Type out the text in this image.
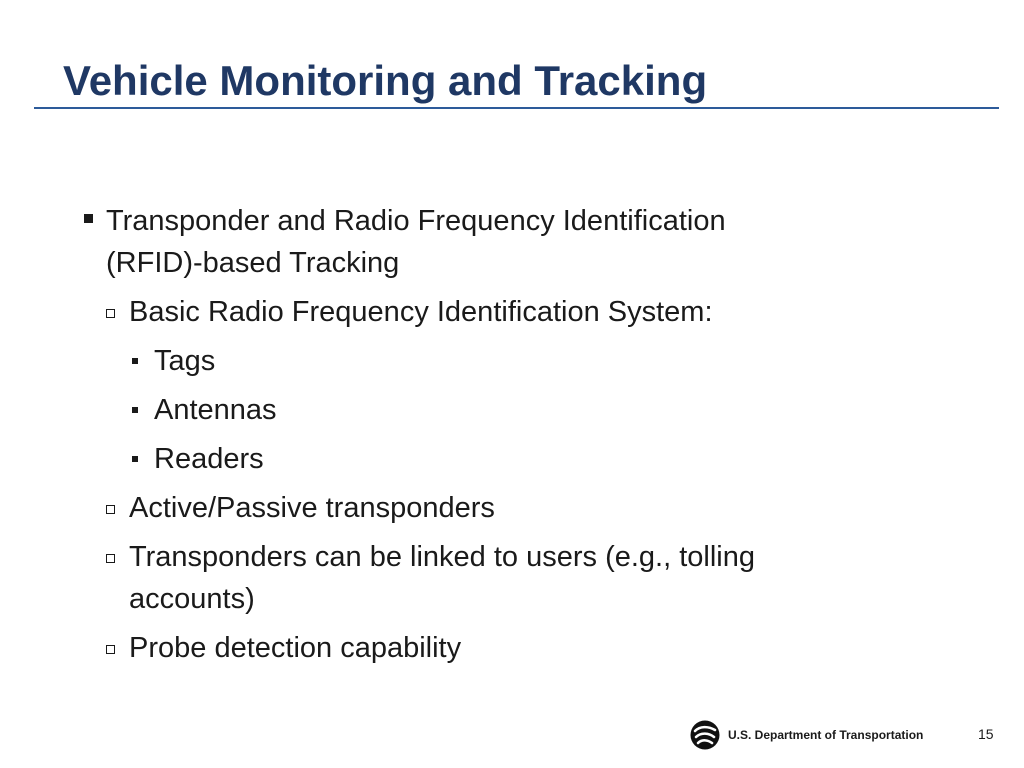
Vehicle Monitoring and Tracking
Transponder and Radio Frequency Identification
(RFID)-based Tracking
Basic Radio Frequency Identification System:
Tags
Antennas
Readers
Active/Passive transponders
Transponders can be linked to users (e.g., tolling
accounts)
Probe detection capability
U.S. Department of Transportation	15
